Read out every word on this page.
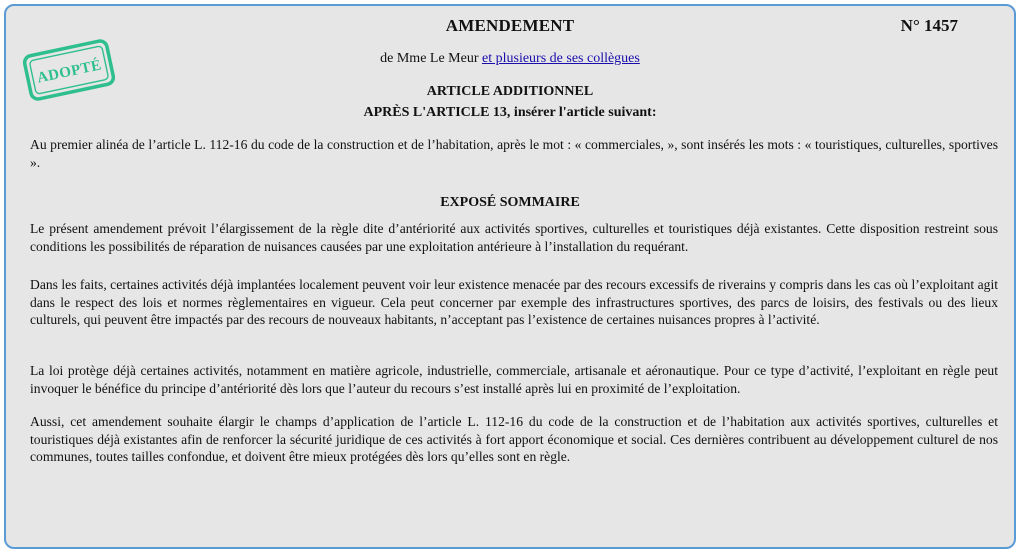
AMENDEMENT	N° 1457
ADOPTÉ	de Mme Le Meur et plusieurs de ses collègues
ARTICLE ADDITIONNEL
APRÈS L'ARTICLE 13, insérer l'article suivant:
Au premier alinéa de l’article L. 112-16 du code de la construction et de l’habitation, après le mot : « commerciales, », sont insérés les mots : « touristiques, culturelles, sportives ».
EXPOSÉ SOMMAIRE
Le présent amendement prévoit l’élargissement de la règle dite d’antériorité aux activités sportives, culturelles et touristiques déjà existantes. Cette disposition restreint sous conditions les possibilités de réparation de nuisances causées par une exploitation antérieure à l’installation du requérant.
Dans les faits, certaines activités déjà implantées localement peuvent voir leur existence menacée par des recours excessifs de riverains y compris dans les cas où l’exploitant agit dans le respect des lois et normes règlementaires en vigueur. Cela peut concerner par exemple des infrastructures sportives, des parcs de loisirs, des festivals ou des lieux culturels, qui peuvent être impactés par des recours de nouveaux habitants, n’acceptant pas l’existence de certaines nuisances propres à l’activité.
La loi protège déjà certaines activités, notamment en matière agricole, industrielle, commerciale, artisanale et aéronautique. Pour ce type d’activité, l’exploitant en règle peut invoquer le bénéfice du principe d’antériorité dès lors que l’auteur du recours s’est installé après lui en proximité de l’exploitation.
Aussi, cet amendement souhaite élargir le champs d’application de l’article L. 112-16 du code de la construction et de l’habitation aux activités sportives, culturelles et touristiques déjà existantes afin de renforcer la sécurité juridique de ces activités à fort apport économique et social. Ces dernières contribuent au développement culturel de nos communes, toutes tailles confondue, et doivent être mieux protégées dès lors qu’elles sont en règle.
